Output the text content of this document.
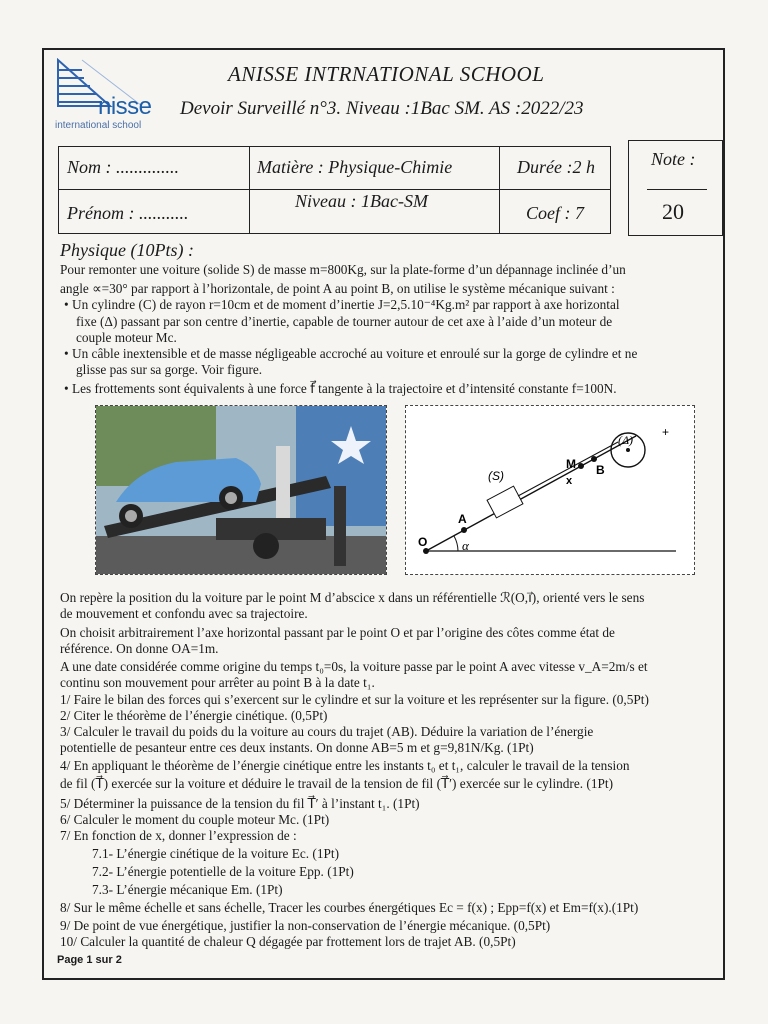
nisse
international school
ANISSE INTRNATIONAL SCHOOL
Devoir Surveillé n°3. Niveau :1Bac SM. AS :2022/23
Nom : ..............
Prénom : ...........
Matière : Physique-Chimie
Niveau : 1Bac-SM
Durée :2 h
Coef : 7
Note :
20
Physique (10Pts) :
Pour remonter une voiture (solide S) de masse m=800Kg, sur la plate-forme d’un dépannage inclinée d’un
angle ∝=30° par rapport à l’horizontale, de point A au point B, on utilise le système mécanique suivant :
• Un cylindre (C) de rayon r=10cm et de moment d’inertie J=2,5.10⁻⁴Kg.m² par rapport à axe horizontal
fixe (Δ) passant par son centre d’inertie, capable de tourner autour de cet axe à l’aide d’un moteur de
couple moteur Mc.
• Un câble inextensible et de masse négligeable accroché au voiture et enroulé sur la gorge de cylindre et ne
glisse pas sur sa gorge. Voir figure.
• Les frottements sont équivalents à une force f⃗ tangente à la trajectoire et d’intensité constante f=100N.
O
A
M B
x
(S)
α
(Δ)
+
On repère la position du la voiture par le point M d’abscice x dans un référentielle ℛ(O,ı⃗), orienté vers le sens
de mouvement et confondu avec sa trajectoire.
On choisit arbitrairement l’axe horizontal passant par le point O et par l’origine des côtes comme état de
référence. On donne OA=1m.
A une date considérée comme origine du temps t₀=0s, la voiture passe par le point A avec vitesse v_A=2m/s et
continu son mouvement pour arrêter au point B à la date t₁.
1/ Faire le bilan des forces qui s’exercent sur le cylindre et sur la voiture et les représenter sur la figure. (0,5Pt)
2/ Citer le théorème de l’énergie cinétique. (0,5Pt)
3/ Calculer le travail du poids du la voiture au cours du trajet (AB). Déduire la variation de l’énergie
potentielle de pesanteur entre ces deux instants. On donne AB=5 m et g=9,81N/Kg. (1Pt)
4/ En appliquant le théorème de l’énergie cinétique entre les instants t₀ et t₁, calculer le travail de la tension
de fil (T⃗) exercée sur la voiture et déduire le travail de la tension de fil (T⃗′) exercée sur le cylindre. (1Pt)
5/ Déterminer la puissance de la tension du fil T⃗′ à l’instant t₁. (1Pt)
6/ Calculer le moment du couple moteur Mc. (1Pt)
7/ En fonction de x, donner l’expression de :
7.1- L’énergie cinétique de la voiture Ec. (1Pt)
7.2- L’énergie potentielle de la voiture Epp. (1Pt)
7.3- L’énergie mécanique Em. (1Pt)
8/ Sur le même échelle et sans échelle, Tracer les courbes énergétiques Ec = f(x) ; Epp=f(x) et Em=f(x).(1Pt)
9/ De point de vue énergétique, justifier la non-conservation de l’énergie mécanique. (0,5Pt)
10/ Calculer la quantité de chaleur Q dégagée par frottement lors de trajet AB. (0,5Pt)
Page 1 sur 2
